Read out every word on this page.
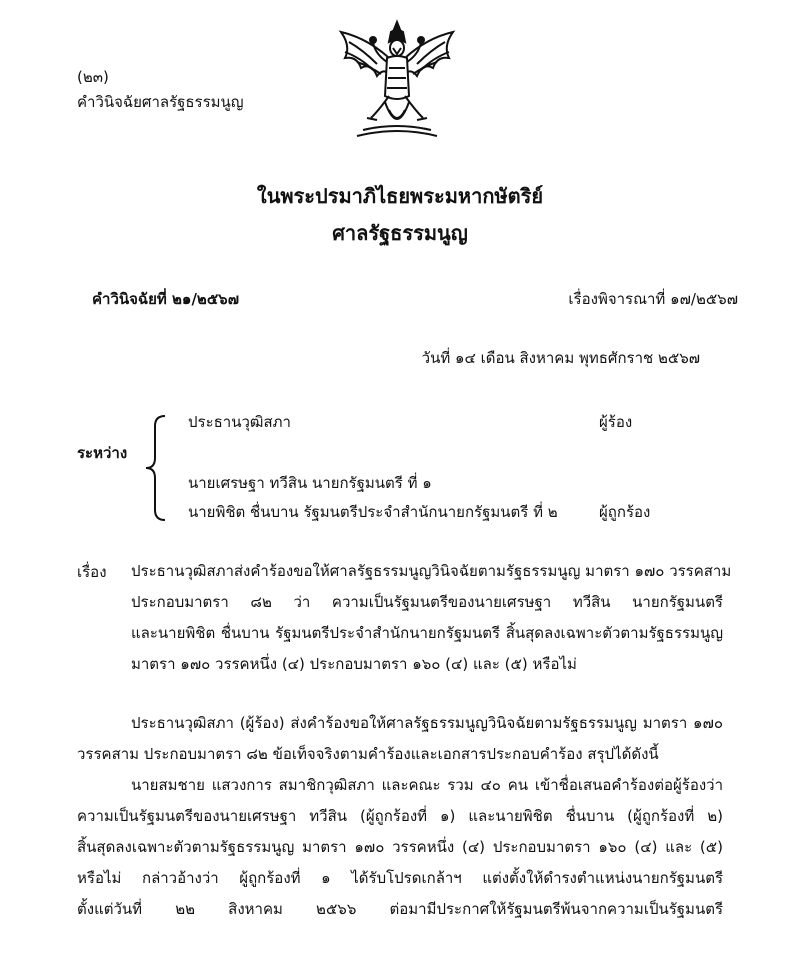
(๒๓)
คำวินิจฉัยศาลรัฐธรรมนูญ
ในพระปรมาภิไธยพระมหากษัตริย์
ศาลรัฐธรรมนูญ
คำวินิจฉัยที่ ๒๑/๒๕๖๗	เรื่องพิจารณาที่ ๑๗/๒๕๖๗
วันที่ ๑๔ เดือน สิงหาคม พุทธศักราช ๒๕๖๗
ระหว่าง
ประธานวุฒิสภา	ผู้ร้อง
นายเศรษฐา ทวีสิน นายกรัฐมนตรี ที่ ๑
นายพิชิต ชื่นบาน รัฐมนตรีประจำสำนักนายกรัฐมนตรี ที่ ๒	ผู้ถูกร้อง
เรื่อง ประธานวุฒิสภาส่งคำร้องขอให้ศาลรัฐธรรมนูญวินิจฉัยตามรัฐธรรมนูญ มาตรา ๑๗๐ วรรคสาม
ประกอบมาตรา ๘๒ ว่า ความเป็นรัฐมนตรีของนายเศรษฐา ทวีสิน นายกรัฐมนตรี
และนายพิชิต ชื่นบาน รัฐมนตรีประจำสำนักนายกรัฐมนตรี สิ้นสุดลงเฉพาะตัวตามรัฐธรรมนูญ
มาตรา ๑๗๐ วรรคหนึ่ง (๔) ประกอบมาตรา ๑๖๐ (๔) และ (๕) หรือไม่
ประธานวุฒิสภา (ผู้ร้อง) ส่งคำร้องขอให้ศาลรัฐธรรมนูญวินิจฉัยตามรัฐธรรมนูญ มาตรา ๑๗๐
วรรคสาม ประกอบมาตรา ๘๒ ข้อเท็จจริงตามคำร้องและเอกสารประกอบคำร้อง สรุปได้ดังนี้
นายสมชาย แสวงการ สมาชิกวุฒิสภา และคณะ รวม ๔๐ คน เข้าชื่อเสนอคำร้องต่อผู้ร้องว่า
ความเป็นรัฐมนตรีของนายเศรษฐา ทวีสิน (ผู้ถูกร้องที่ ๑) และนายพิชิต ชื่นบาน (ผู้ถูกร้องที่ ๒)
สิ้นสุดลงเฉพาะตัวตามรัฐธรรมนูญ มาตรา ๑๗๐ วรรคหนึ่ง (๔) ประกอบมาตรา ๑๖๐ (๔) และ (๕)
หรือไม่ กล่าวอ้างว่า ผู้ถูกร้องที่ ๑ ได้รับโปรดเกล้าฯ แต่งตั้งให้ดำรงตำแหน่งนายกรัฐมนตรี
ตั้งแต่วันที่ ๒๒ สิงหาคม ๒๕๖๖ ต่อมามีประกาศให้รัฐมนตรีพ้นจากความเป็นรัฐมนตรี
